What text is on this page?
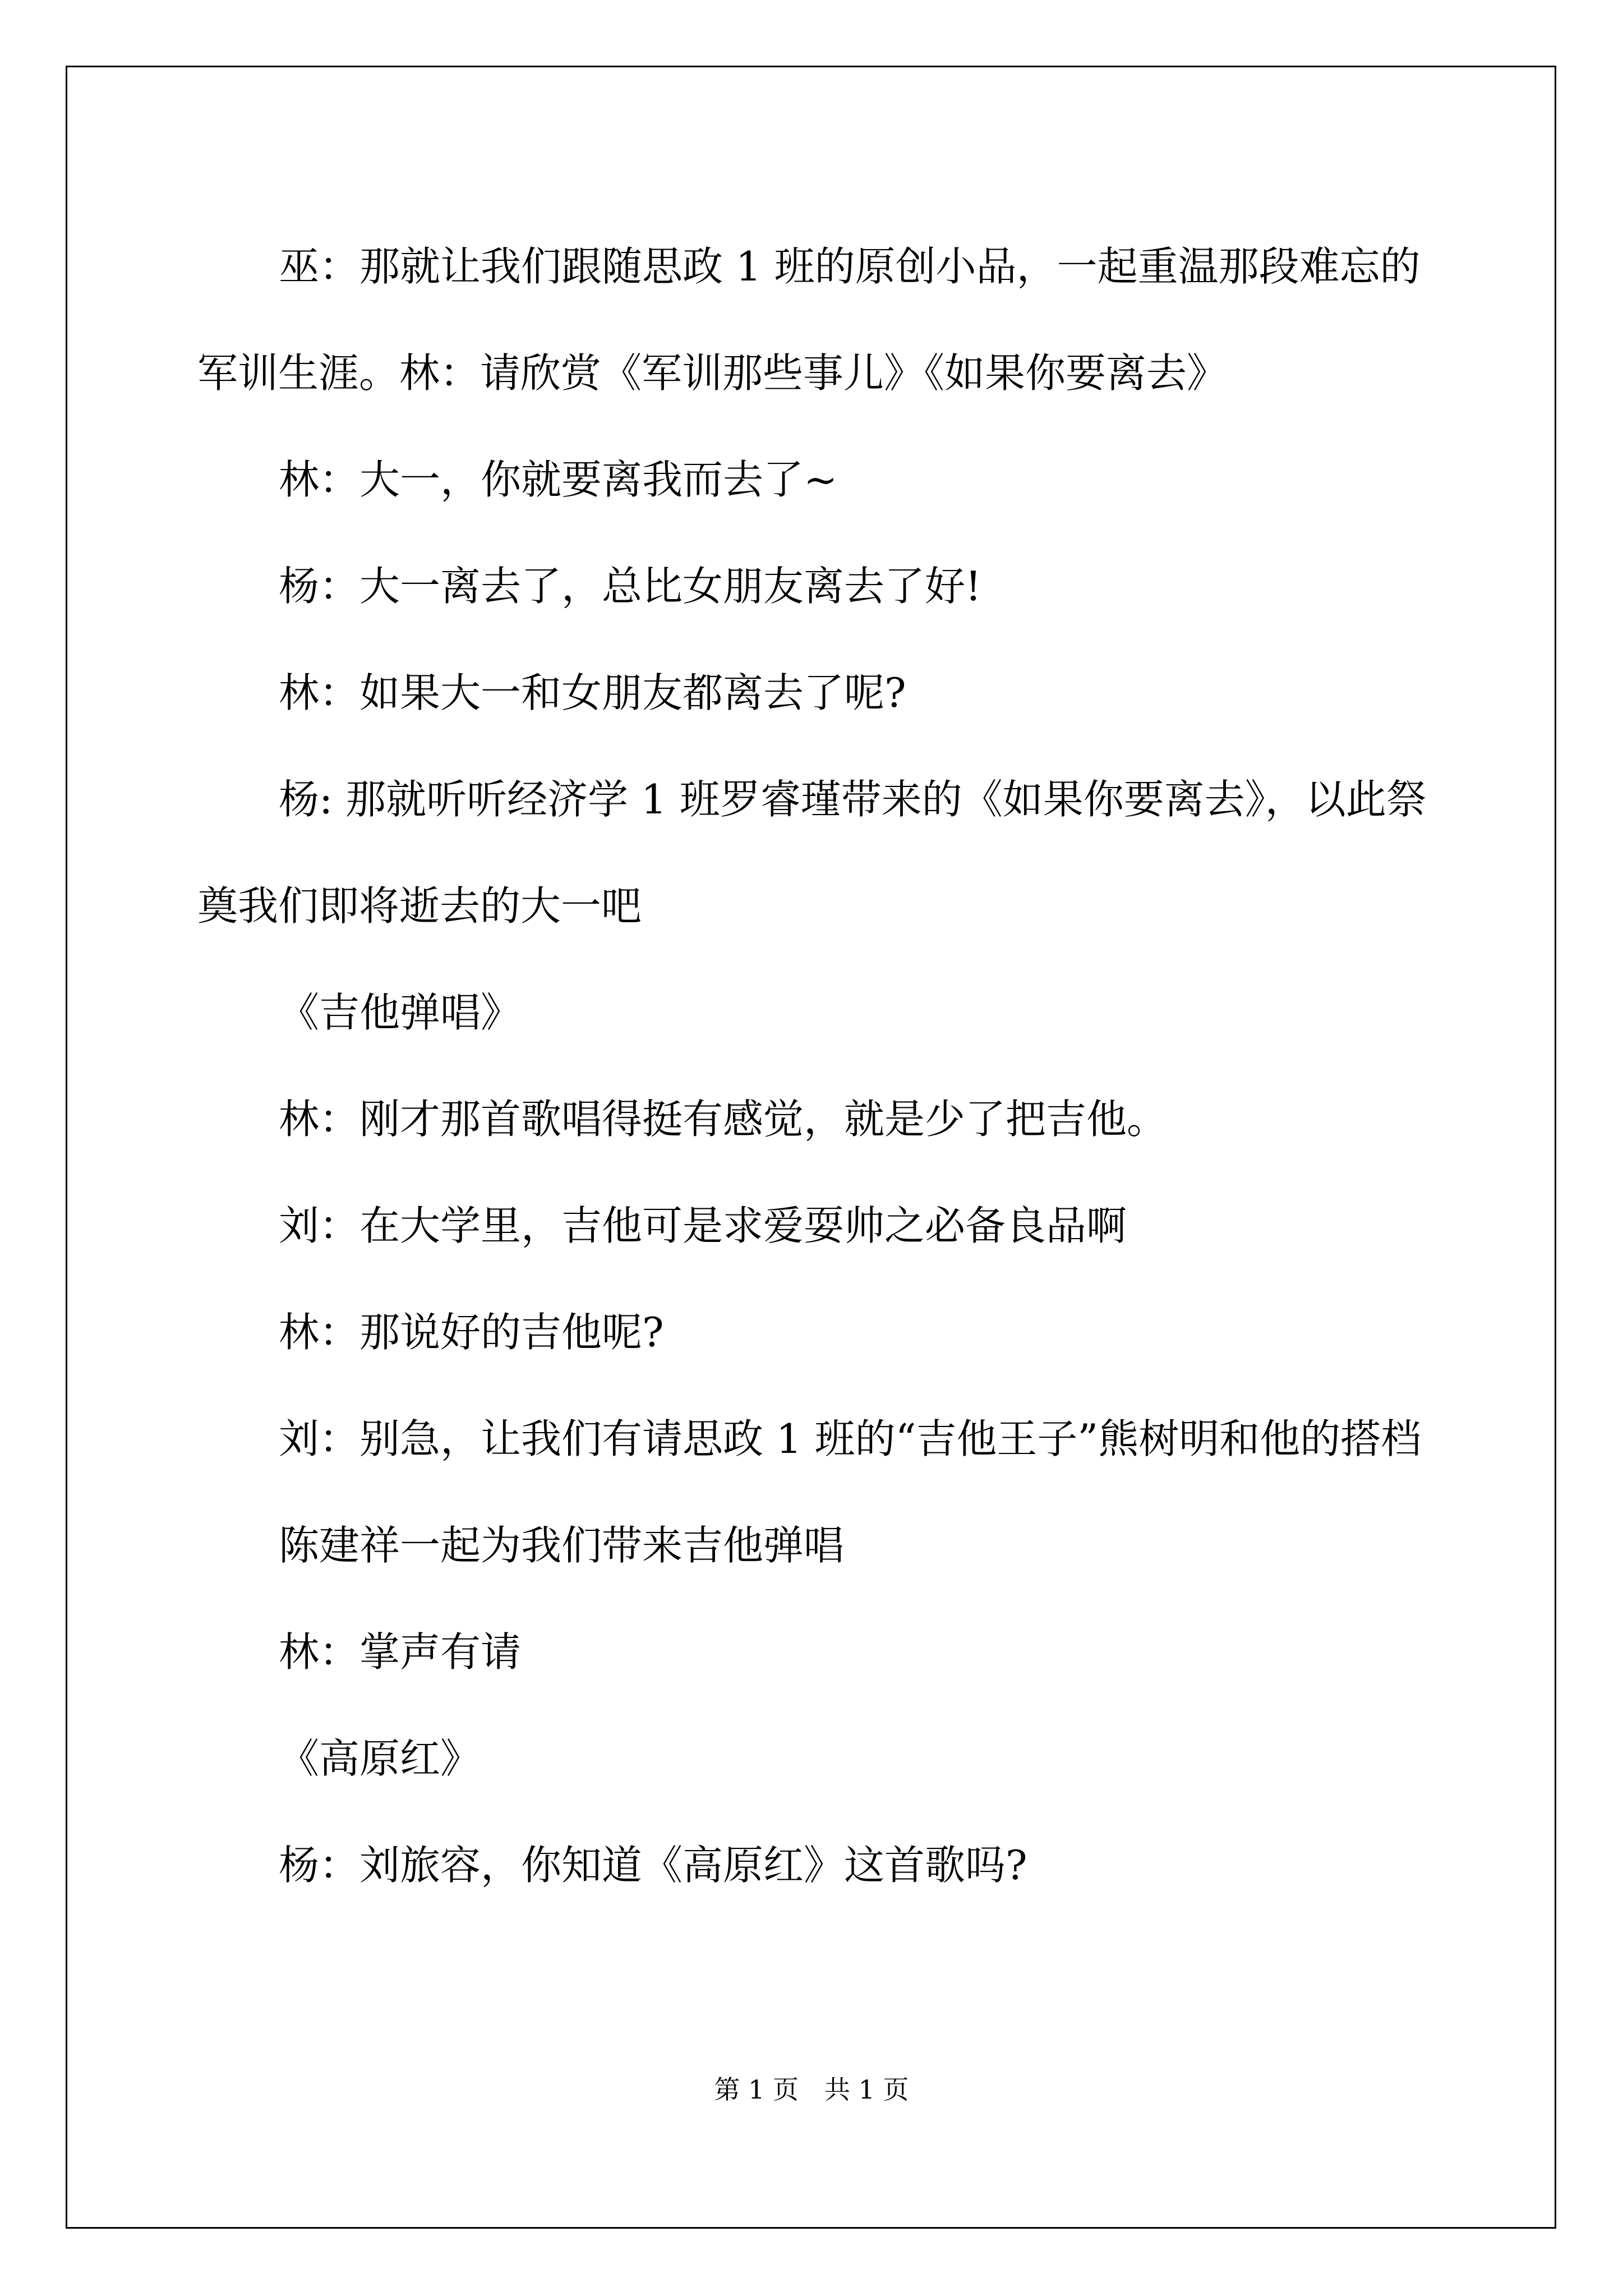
巫：那就让我们跟随思政 1 班的原创小品，一起重温那段难忘的军训生涯。林：请欣赏《军训那些事儿》《如果你要离去》

林：大一，你就要离我而去了~

杨：大一离去了，总比女朋友离去了好!

林：如果大一和女朋友都离去了呢?

杨: 那就听听经济学 1 班罗睿瑾带来的《如果你要离去》，以此祭奠我们即将逝去的大一吧

《吉他弹唱》

林：刚才那首歌唱得挺有感觉，就是少了把吉他。

刘：在大学里，吉他可是求爱耍帅之必备良品啊

林：那说好的吉他呢?

刘：别急，让我们有请思政 1 班的“吉他王子”熊树明和他的搭档

陈建祥一起为我们带来吉他弹唱

林：掌声有请

《高原红》

杨：刘旅容，你知道《高原红》这首歌吗?

第 1 页　共 1 页
